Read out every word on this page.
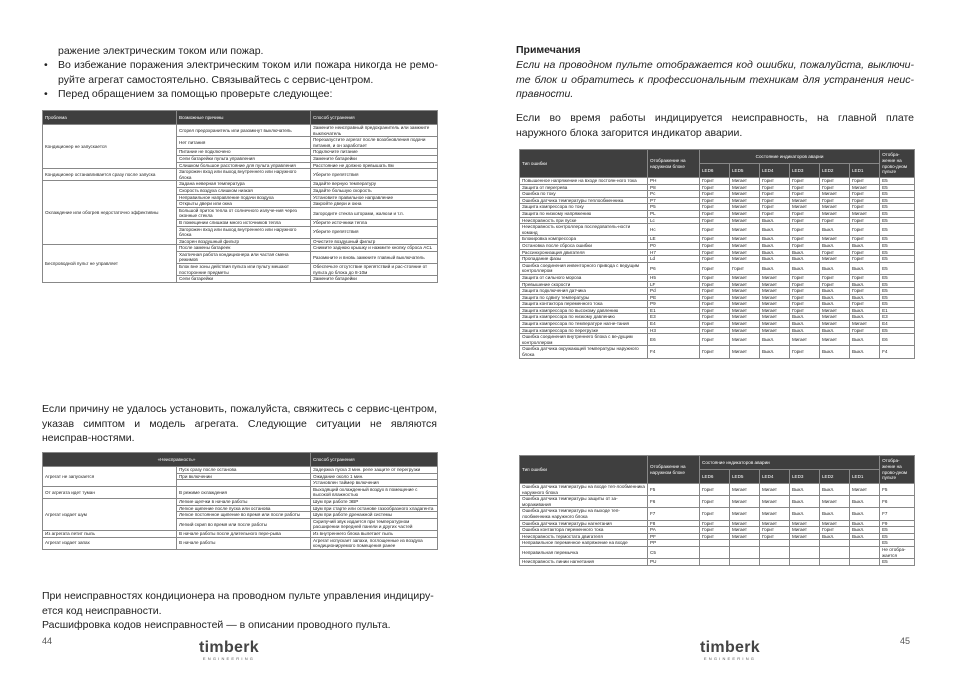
ражение электрическим током или пожар.
• Во избежание поражения электрическим током или пожара никогда не ремо-руйте агрегат самостоятельно. Связывайтесь с сервис-центром.
• Перед обращением за помощью проверьте следующее:
Проблема	Возможные причины	Способ устранения
Кондиционер не запускается	Сгорел предохранитель или разомкнут выключатель	Замените неисправный предохранитель или замкните выключатель
	Нет питания	Перезапустите агрегат после возобновления подачи питания, и он заработает
	Питание не подключено	Подключите питание
	Сели батарейки пульта управления	Замените батарейки
	Слишком большое расстояние для пульта управления	Расстояние не должно превышать 8м
Кондиционер останавливается сразу после запуска	Загорожен вход или выход внутреннего или наружного блока	Уберите препятствия
Охлаждение или обогрев недостаточно эффективны	Задана неверная температура	Задайте верную температуру
	Скорость воздуха слишком низкая	Задайте большую скорость
	Неправильное направление подачи воздуха	Установите правильное направление
	Открыты двери или окна	Закройте двери и окна
	Большой приток тепла от солнечного излуче-ния через оконные стекла	Загородите стекла шторами, жалюзи и т.п.
	В помещении слишком много источников тепла	Уберите источники тепла
	Загорожен вход или выход внутреннего или наружного блока	Уберите препятствия
	Засорен воздушный фильтр	Очистите воздушный фильтр
Беспроводной пульт не управляет	После замены батареек	Снимите заднюю крышку и нажмите кнопку сброса ACL
	Хаотичная работа кондиционера или частая смена режимов	Разомкните и вновь замкните главный выключатель
	Блок вне зоны действия пульта или пульту мешают посторонние предметы	Обеспечьте отсутствие препятствий и рас-стояние от пульта до блока до 8-10м
	Сели батарейки	Замените батарейки
Если причину не удалось установить, пожалуйста, свяжитесь с сервис-центром, указав симптом и модель агрегата. Следующие ситуации не являются неисправ-ностями.
«Неисправность»		Способ устранения
Агрегат не запускается	Пуск сразу после останова	Задержка пуска 3 мин. реле защите от перегрузки
	При включении	Ожидание около 1 мин.
		Установлен таймер включения
От агрегата идет туман	В режиме охлаждения	Выходящий охлажденный воздух в помещение с высокой влажностью
Агрегат издает шум	Легкие щелчки в начале работы	Шум при работе ЭВР
	Легкое щипение после пуска или останова	Шум при старте или останове газообразного хладагента
	Легкое постоянное щипение во время или после работы	Шум при работе дренажной системы
	Легкий скрип во время или после работы	Скрипучий звук издается при температурном расширении передней панели и других частей
Из агрегата летит пыль	В начале работы после длительного пере-рыва	Из внутреннего блока вылетает пыль
Агрегат издает запах	В начале работы	Агрегат испускает запахи, поглощенные из воздуха кондиционируемого помещения ранее
При неисправностях кондиционера на проводном пульте управления индициру-ется код неисправности.
Расшифровка кодов неисправностей — в описании проводного пульта.
44	timberk
ENGINEERING
Примечания
Если на проводном пульте отображается код ошибки, пожалуйста, выключи-те блок и обратитесь к профессиональным техникам для устранения неис-правности.
Если во время работы индицируется неисправность, на главной плате наружного блока загорится индикатор аварии.
Тип ошибки	Отображение на наружном блоке	Состояние индикаторов аварии						Отобра-жение на прово-дном пульте
		LED6	LED5	LED4	LED3	LED2	LED1	
Повышенное напряжение на входе постоян-ного тока	PH	Горит	Мигает	Горит	Горит	Горит	Горит	E5
Защита от перегрева	P8	Горит	Мигает	Горит	Горит	Горит	Мигает	E5
Ошибка по току	Pc	Горит	Мигает	Горит	Горит	Мигает	Горит	E5
Ошибка датчика температуры теплообменника	P7	Горит	Мигает	Горит	Мигает	Горит	Горит	E5
Защита компрессора по току	P5	Горит	Мигает	Горит	Мигает	Мигает	Горит	E5
Защита по низкому напряжению	PL	Горит	Мигает	Горит	Горит	Мигает	Мигает	E5
Неисправность при пуске	Lc	Горит	Мигает	Выкл.	Горит	Горит	Горит	E5
Неисправность контроллера последователь-ности команд	Hc	Горит	Мигает	Выкл.	Горит	Выкл.	Горит	E5
Блокировка компрессора	LE	Горит	Мигает	Выкл.	Горит	Мигает	Горит	E5
Остановка после сброса ошибки	P0	Горит	Мигает	Выкл.	Горит	Выкл.	Выкл.	E5
Рассинхронизация двигателя	H7	Горит	Мигает	Выкл.	Выкл.	Горит	Горит	E5
Пропадание фазы	Ld	Горит	Мигает	Выкл.	Выкл.	Мигает	Горит	E5
Ошибка соединения инвенторного привода с ведущим контроллером	P6	Горит	Горит	Выкл.	Выкл.	Выкл.	Выкл.	E5
Защита от сильного мороза	H5	Горит	Мигает	Мигает	Горит	Горит	Горит	E5
Превышение скорости	LF	Горит	Мигает	Мигает	Горит	Горит	Выкл.	E5
Защита подключения датчика	Pd	Горит	Мигает	Мигает	Горит	Выкл.	Горит	E5
Защита по сдвигу температуры	PE	Горит	Мигает	Мигает	Горит	Выкл.	Выкл.	E5
Защита контактора переменного тока	P9	Горит	Мигает	Мигает	Горит	Выкл.	Горит	E5
Защита компрессора по высокому давлению	E1	Горит	Мигает	Мигает	Горит	Мигает	Выкл.	E1
Защита компрессора по низкому давлению	E3	Горит	Мигает	Мигает	Выкл.	Мигает	Выкл.	E3
Защита компрессора по температуре нагне-тания	E4	Горит	Мигает	Мигает	Выкл.	Мигает	Мигает	E4
Защита компрессора по перегрузке	H3	Горит	Мигает	Мигает	Выкл.	Выкл.	Горит	E5
Ошибка соединения внутреннего блока с ве-дущим контроллером	E6	Горит	Мигает	Выкл.	Мигает	Мигает	Выкл.	E6
Ошибка датчика окружающей температуры наружного блока	F4	Горит	Мигает	Выкл.	Горит	Выкл.	Выкл.	F4
Тип ошибки	Отображение на наружном блоке	Состояние индикаторов аварии						Отобра-жение на прово-дном пульте
		LED6	LED5	LED4	LED3	LED2	LED1	
Ошибка датчика температуры на входе теп-лообменника наружного блока	F5	Горит	Мигает	Мигает	Выкл.	Выкл.	Мигает	F5
Ошибка датчика температуры защиты от за-мораживания	F6	Горит	Мигает	Мигает	Выкл.	Мигает	Выкл.	F6
Ошибка датчика температуры на выходе теп-лообменника наружного блока	F7	Горит	Мигает	Мигает	Выкл.	Выкл.	Выкл.	F7
Ошибка датчика температуры нагнетания	F8	Горит	Мигает	Мигает	Мигает	Мигает	Выкл.	F9
Ошибка контактора переменного тока	PA	Горит	Мигает	Горит	Мигает	Горит	Выкл.	E5
Неисправность термостата двигателя	PF	Горит	Мигает	Горит	Мигает	Выкл.	Выкл.	E5
Неправильное переменное напряжение на входе	PP							E5
Неправильная перемычка	C5							Не отобра-жается
Неисправность линии нагнетания	PU							E5
timberk
ENGINEERING
45
